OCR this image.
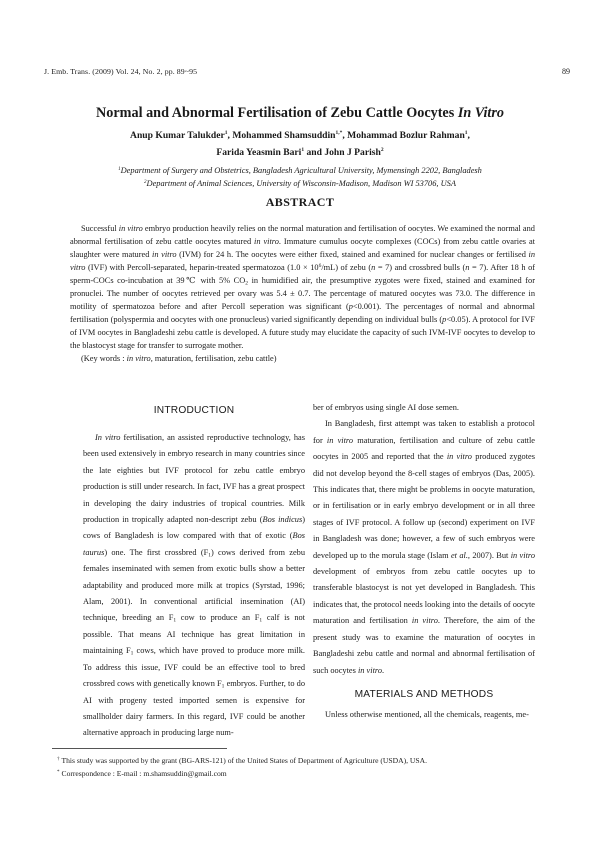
J. Emb. Trans. (2009) Vol. 24, No. 2, pp. 89~95	89
Normal and Abnormal Fertilisation of Zebu Cattle Oocytes In Vitro
Anup Kumar Talukder$^1$, Mohammed Shamsuddin$^{1,*}$, Mohammad Bozlur Rahman$^1$,
Farida Yeasmin Bari$^1$ and John J Parish$^2$
$^1$Department of Surgery and Obstetrics, Bangladesh Agricultural University, Mymensingh 2202, Bangladesh
$^2$Department of Animal Sciences, University of Wisconsin-Madison, Madison WI 53706, USA
ABSTRACT

Successful in vitro embryo production heavily relies on the normal maturation and fertilisation of oocytes. We examined the normal and abnormal fertilisation of zebu cattle oocytes matured in vitro. Immature cumulus oocyte complexes (COCs) from zebu cattle ovaries at slaughter were matured in vitro (IVM) for 24 h. The oocytes were either fixed, stained and examined for nuclear changes or fertilised in vitro (IVF) with Percoll-separated, heparin-treated spermatozoa $(1.0 \times 10^6/mL)$ of zebu (n = 7) and crossbred bulls (n = 7). After 18 h of sperm-COCs co-incubation at 39℃ with 5% $CO_2$ in humidified air, the presumptive zygotes were fixed, stained and examined for pronuclei. The number of oocytes retrieved per ovary was 5.4 ± 0.7. The percentage of matured oocytes was 73.0. The difference in motility of spermatozoa before and after Percoll seperation was significant (p<0.001). The percentages of normal and abnormal fertilisation (polyspermia and oocytes with one pronucleus) varied significantly depending on individual bulls (p<0.05). A protocol for IVF of IVM oocytes in Bangladeshi zebu cattle is developed. A future study may elucidate the capacity of such IVM-IVF oocytes to develop to the blastocyst stage for transfer to surrogate mother.

(Key words : in vitro, maturation, fertilisation, zebu cattle)

INTRODUCTION

In vitro fertilisation, an assisted reproductive technology, has been used extensively in embryo research in many countries since the late eighties but IVF protocol for zebu cattle embryo production is still under research. In fact, IVF has a great prospect in developing the dairy industries of tropical countries. Milk production in tropically adapted non-descript zebu (Bos indicus) cows of Bangladesh is low compared with that of exotic (Bos taurus) one. The first crossbred $(F_1)$ cows derived from zebu females inseminated with semen from exotic bulls show a better adaptability and produced more milk at tropics (Syrstad, 1996; Alam, 2001). In conventional artificial insemination (AI) technique, breeding an $F_1$ cow to produce an $F_1$ calf is not possible. That means AI technique has great limitation in maintaining $F_1$ cows, which have proved to produce more milk. To address this issue, IVF could be an effective tool to bred crossbred cows with genetically known $F_1$ embryos. Further, to do AI with progeny tested imported semen is expensive for smallholder dairy farmers. In this regard, IVF could be another alternative approach in producing large num-

ber of embryos using single AI dose semen.

In Bangladesh, first attempt was taken to establish a protocol for in vitro maturation, fertilisation and culture of zebu cattle oocytes in 2005 and reported that the in vitro produced zygotes did not develop beyond the 8-cell stages of embryos (Das, 2005). This indicates that, there might be problems in oocyte maturation, or in fertilisation or in early embryo development or in all three stages of IVF protocol. A follow up (second) experiment on IVF in Bangladesh was done; however, a few of such embryos were developed up to the morula stage (Islam et al., 2007). But in vitro development of embryos from zebu cattle oocytes up to transferable blastocyst is not yet developed in Bangladesh. This indicates that, the protocol needs looking into the details of oocyte maturation and fertilisation in vitro. Therefore, the aim of the present study was to examine the maturation of oocytes in Bangladeshi zebu cattle and normal and abnormal fertilisation of such oocytes in vitro.

MATERIALS AND METHODS
Unless otherwise mentioned, all the chemicals, reagents, me-
† This study was supported by the grant (BG-ARS-121) of the United States of Department of Agriculture (USDA), USA.
* Correspondence : E-mail : m.shamsuddin@gmail.com
